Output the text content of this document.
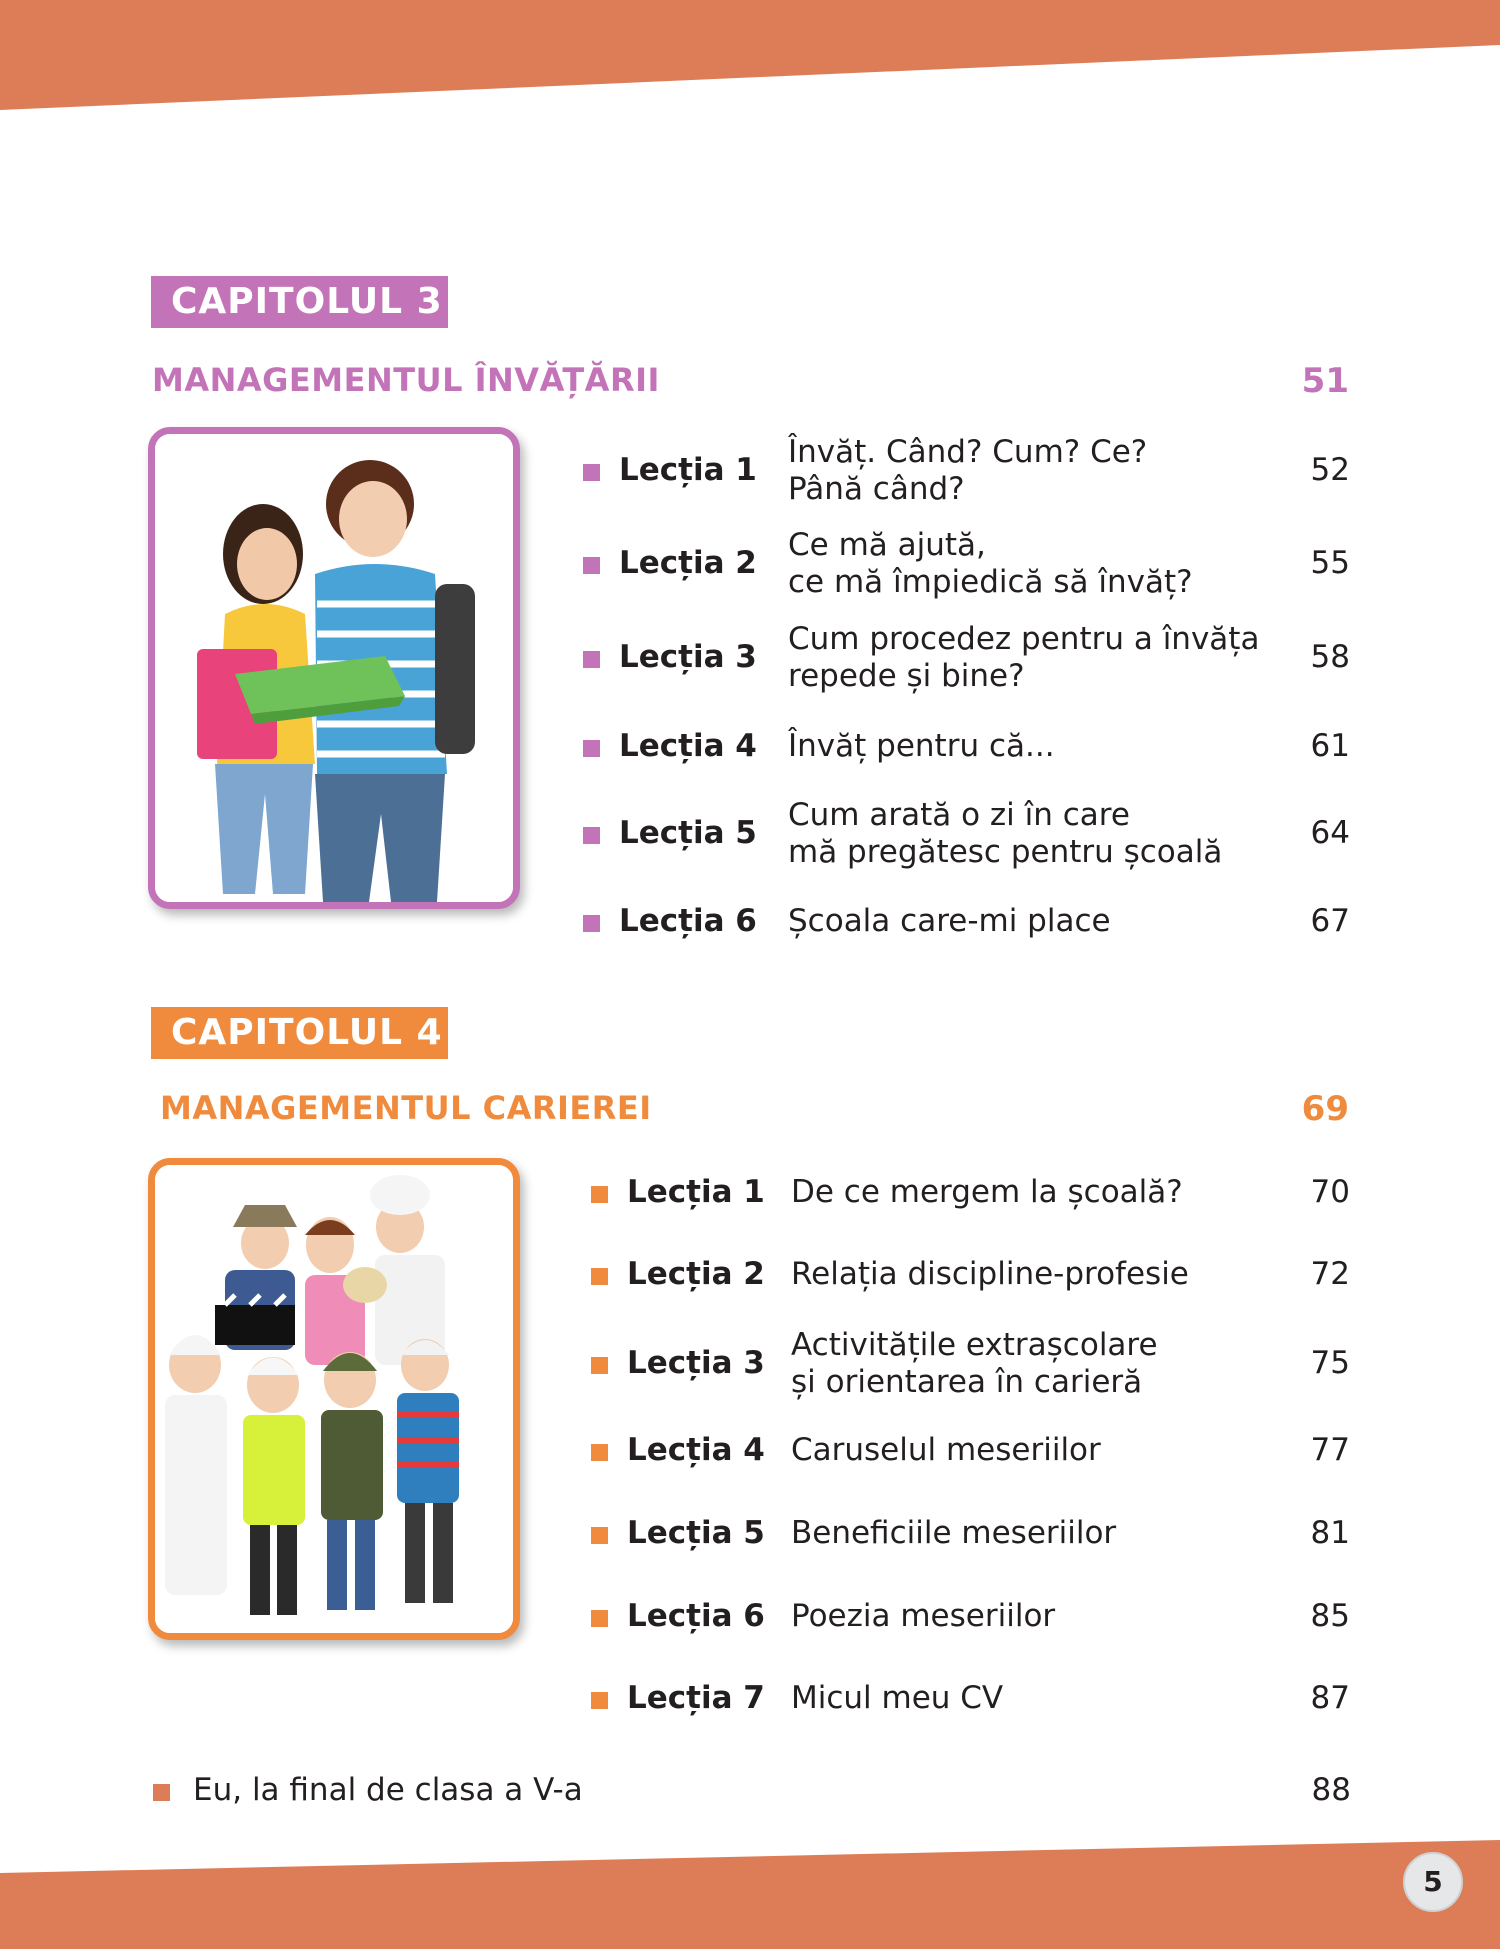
CAPITOLUL 3
MANAGEMENTUL ÎNVĂȚĂRII	51
Lecția 1 Învăț. Când? Cum? Ce?
Până când?
52
Lecția 2 Ce mă ajută,
ce mă împiedică să învăț?
55
Lecția 3 Cum procedez pentru a învăța
repede și bine?
58
Lecția 4 Învăț pentru că...	61
Lecția 5 Cum arată o zi în care
mă pregătesc pentru școală
64
Lecția 6 Școala care-mi place	67
CAPITOLUL 4
MANAGEMENTUL CARIEREI	69
Lecția 1 De ce mergem la școală?	70
Lecția 2 Relația discipline-profesie	72
Lecția 3 Activitățile extrașcolare
și orientarea în carieră
75
Lecția 4 Caruselul meseriilor	77
Lecția 5 Beneficiile meseriilor	81
Lecția 6 Poezia meseriilor	85
Lecția 7 Micul meu CV	87
Eu, la final de clasa a V-a	88
5
